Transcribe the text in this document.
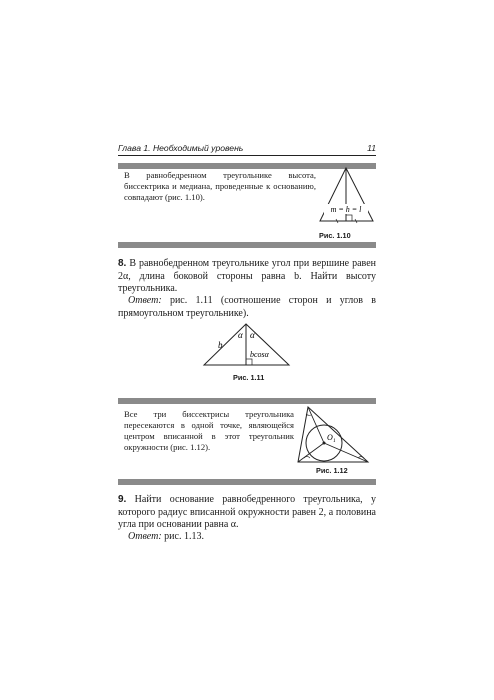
Глава 1. Необходимый уровень	11
В равнобедренном треугольнике высота, биссектрика и медиана, проведенные к основанию, совпадают (рис. 1.10).
m = h = l
Рис. 1.10
8. В равнобедренном треугольнике угол при вершине равен 2α, длина боковой стороны равна b. Найти высоту треугольника.
Ответ: рис. 1.11 (соотношение сторон и углов в прямоугольном треугольнике).
α α
b
bcosα
Рис. 1.11
Все три биссектрисы треугольника пересекаются в одной точке, являющейся центром вписанной в этот треугольник окружности (рис. 1.12).
O 1
Рис. 1.12
9. Найти основание равнобедренного треугольника, у которого радиус вписанной окружности равен 2, а половина угла при основании равна α.
Ответ: рис. 1.13.
